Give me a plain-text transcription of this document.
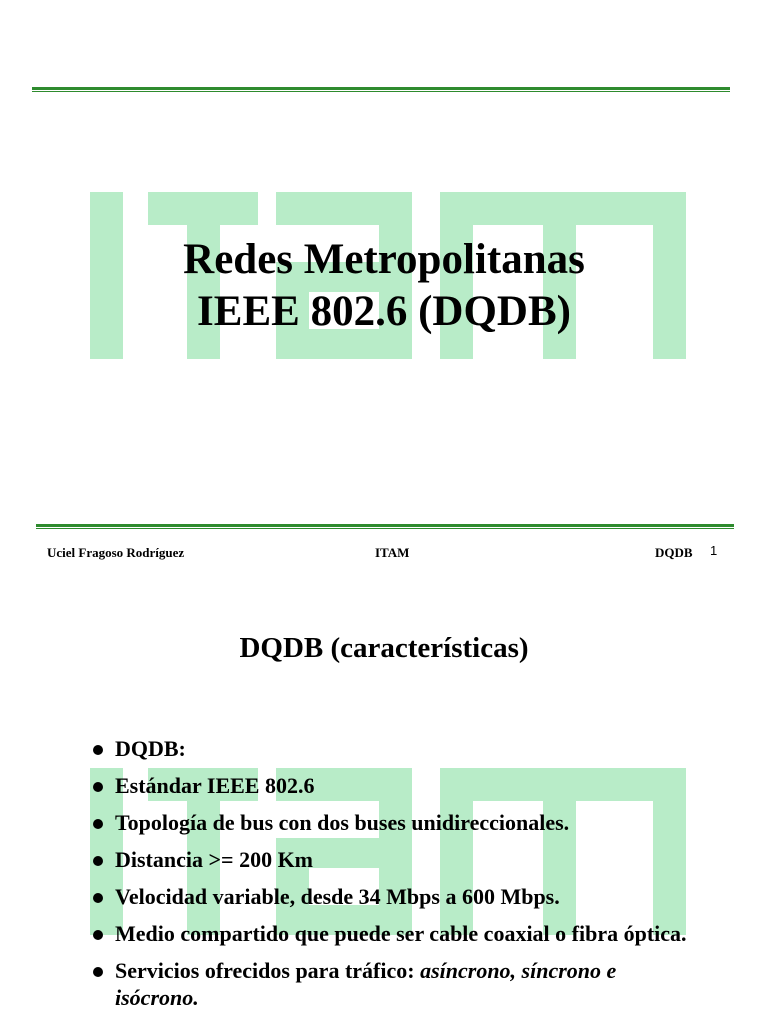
Redes Metropolitanas
IEEE 802.6 (DQDB)
Uciel Fragoso Rodríguez	ITAM	DQDB 1
DQDB (características)
DQDB:
Estándar IEEE 802.6
Topología de bus con dos buses unidireccionales.
Distancia >= 200 Km
Velocidad variable, desde 34 Mbps a 600 Mbps.
Medio compartido que puede ser cable coaxial o fibra óptica.
Servicios ofrecidos para tráfico: asíncrono, síncrono e isócrono.
